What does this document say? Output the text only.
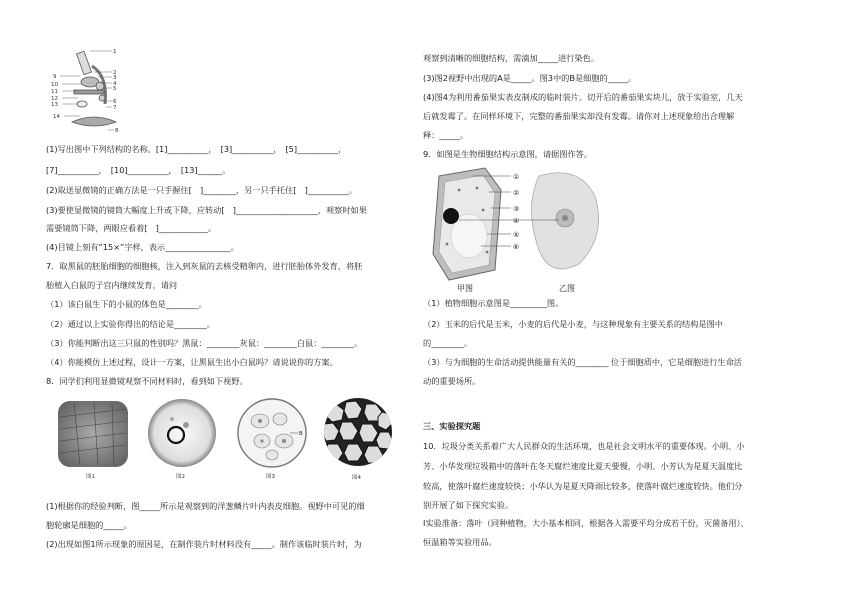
1
2
3
4
5
6
7
8
9
10
11
12
13
14
(1)写出图中下列结构的名称。[1]__________，　[3]__________，　[5]__________，
[7]__________，　[10]__________，　[13]______。
(2)取送显微镜的正确方法是一只手握住[　]________，另一只手托住[　]__________。
(3)要使显微镜的镜筒大幅度上升或下降，应转动[　]____________________，观察时如果
需要镜筒下降，两眼应看着[　]____________。
(4)目镜上刻有“15×”字样，表示________________。
7．取黑鼠的胚胎细胞的细胞核，注入到灰鼠的去核受精卵内，进行胚胎体外发育，将胚
胎植入白鼠的子宫内继续发育，请问
（1）该白鼠生下的小鼠的体色是________。
（2）通过以上实验你得出的结论是________。
（3）你能判断出这三只鼠的性别吗？黑鼠：________灰鼠：________白鼠：________。
（4）你能模仿上述过程，设计一方案，让黑鼠生出小白鼠吗？请说说你的方案。
8．同学们利用显微镜观察不同材料时，看到如下视野。
图1	图2
B
图3	图4
(1)根据你的经验判断，图_____所示是观察到的洋葱鳞片叶内表皮细胞。视野中可见的细
胞轮廓是细胞的_____。
(2)出现如图1所示现象的原因是，在制作装片时材料没有_____。制作该临时装片时，为
观察到清晰的细胞结构，需滴加_____进行染色。
(3)图2视野中出现的A是_____。图3中的B是细胞的_____。
(4)图4为利用番茄果实表皮制成的临时装片。切开后的番茄果实块儿，放于实验室，几天
后就发霉了。在同样环境下，完整的番茄果实却没有发霉。请你对上述现象给出合理解
释：_____。
9．如图是生物细胞结构示意图，请据图作答。
①
②
③
④
⑤
⑥
甲图	乙图
（1）植物细胞示意图是_________图。
（2）玉米的后代是玉米，小麦的后代是小麦，与这种现象有主要关系的结构是图中
的________。
（3）与为细胞的生命活动提供能量有关的________ 位于细胞质中，它是细胞进行生命活
动的重要场所。
三、实验探究题
10．垃圾分类关系着广大人民群众的生活环境，也是社会文明水平的重要体现。小明、小
芳、小华发现垃圾箱中的落叶在冬天腐烂速度比夏天要慢，小明、小芳认为是夏天温度比
较高，使落叶腐烂速度较快；小华认为是夏天降雨比较多，使落叶腐烂速度较快。他们分
别开展了如下探究实验。
Ⅰ实验准备：落叶（同种植物，大小基本相同，根据各人需要平均分成若干份，灭菌备用）、
恒温箱等实验用品。
